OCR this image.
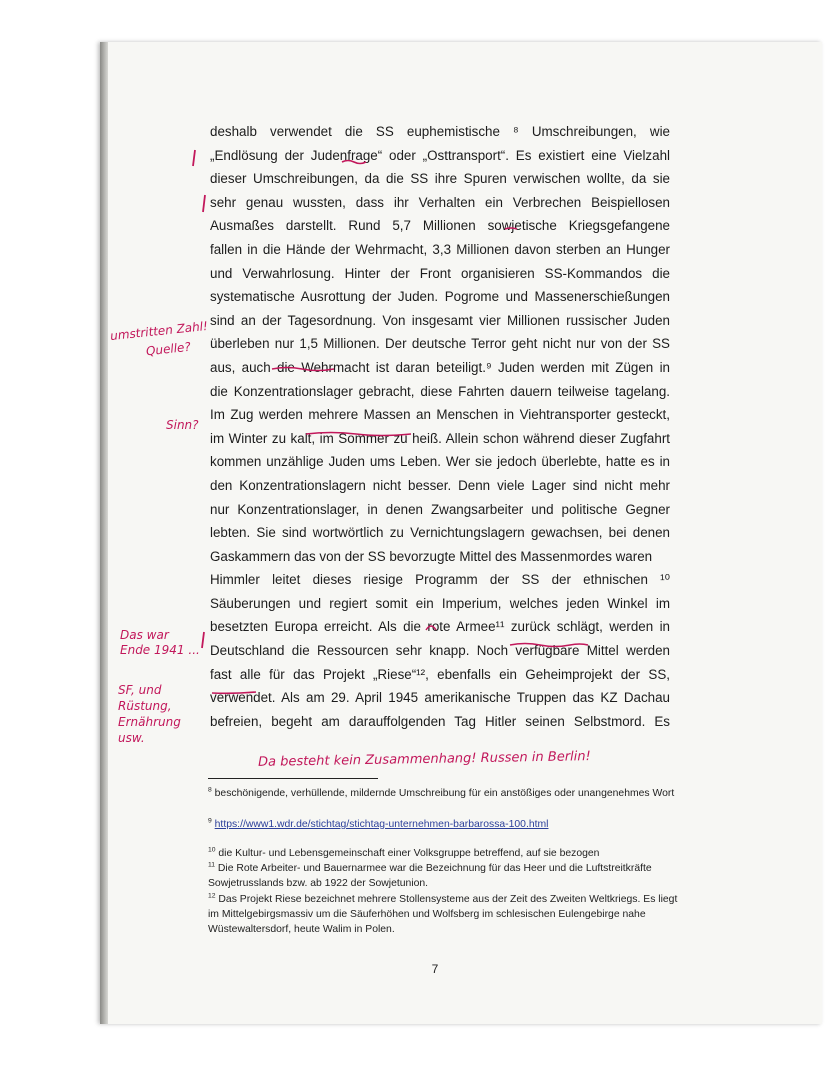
deshalb verwendet die SS euphemistische ⁸ Umschreibungen, wie
„Endlösung der Judenfrage“ oder „Osttransport“. Es existiert eine Vielzahl
dieser Umschreibungen, da die SS ihre Spuren verwischen wollte, da sie
sehr genau wussten, dass ihr Verhalten ein Verbrechen Beispiellosen
Ausmaßes darstellt. Rund 5,7 Millionen sowjetische Kriegsgefangene
fallen in die Hände der Wehrmacht, 3,3 Millionen davon sterben an Hunger
und Verwahrlosung. Hinter der Front organisieren SS-Kommandos die
systematische Ausrottung der Juden. Pogrome und Massenerschießungen
sind an der Tagesordnung. Von insgesamt vier Millionen russischer Juden
überleben nur 1,5 Millionen. Der deutsche Terror geht nicht nur von der SS
aus, auch die Wehrmacht ist daran beteiligt.⁹ Juden werden mit Zügen in
die Konzentrationslager gebracht, diese Fahrten dauern teilweise tagelang.
Im Zug werden mehrere Massen an Menschen in Viehtransporter gesteckt,
im Winter zu kalt, im Sommer zu heiß. Allein schon während dieser Zugfahrt
kommen unzählige Juden ums Leben. Wer sie jedoch überlebte, hatte es in
den Konzentrationslagern nicht besser. Denn viele Lager sind nicht mehr
nur Konzentrationslager, in denen Zwangsarbeiter und politische Gegner
lebten. Sie sind wortwörtlich zu Vernichtungslagern gewachsen, bei denen
Gaskammern das von der SS bevorzugte Mittel des Massenmordes waren
Himmler leitet dieses riesige Programm der SS der ethnischen ¹⁰
Säuberungen und regiert somit ein Imperium, welches jeden Winkel im
besetzten Europa erreicht. Als die rote Armee¹¹ zurück schlägt, werden in
Deutschland die Ressourcen sehr knapp. Noch verfügbare Mittel werden
fast alle für das Projekt „Riese“¹², ebenfalls ein Geheimprojekt der SS,
verwendet. Als am 29. April 1945 amerikanische Truppen das KZ Dachau
befreien, begeht am darauffolgenden Tag Hitler seinen Selbstmord. Es
umstritten Zahl!
Quelle?
Sinn?
Das war
Ende 1941 ...
SF, und
Rüstung,
Ernährung
usw.
Da besteht kein Zusammenhang! Russen in Berlin!
$^8$ beschönigende, verhüllende, mildernde Umschreibung für ein anstößiges oder unangenehmes Wort
$^9$ https://www1.wdr.de/stichtag/stichtag-unternehmen-barbarossa-100.html
$^{10}$ die Kultur- und Lebensgemeinschaft einer Volksgruppe betreffend, auf sie bezogen
$^{11}$ Die Rote Arbeiter- und Bauernarmee war die Bezeichnung für das Heer und die Luftstreitkräfte Sowjetrusslands bzw. ab 1922 der Sowjetunion.
$^{12}$ Das Projekt Riese bezeichnet mehrere Stollensysteme aus der Zeit des Zweiten Weltkriegs. Es liegt im Mittelgebirgsmassiv um die Säuferhöhen und Wolfsberg im schlesischen Eulengebirge nahe Wüstewaltersdorf, heute Walim in Polen.
7
